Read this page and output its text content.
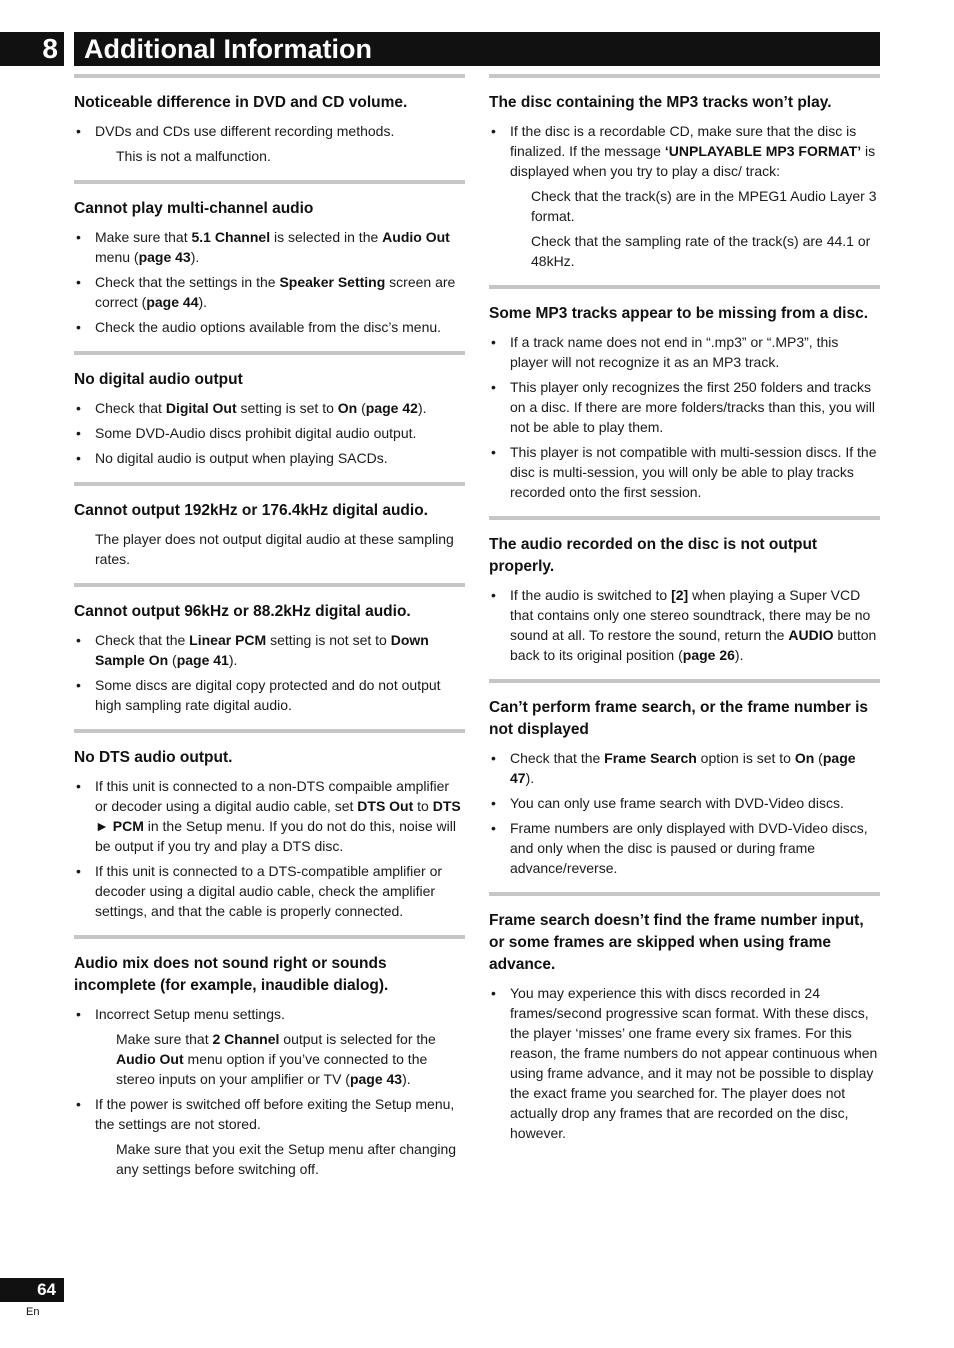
8 Additional Information
Noticeable difference in DVD and CD volume.
• DVDs and CDs use different recording methods.
This is not a malfunction.
Cannot play multi-channel audio
• Make sure that 5.1 Channel is selected in the Audio Out menu (page 43).
• Check that the settings in the Speaker Setting screen are correct (page 44).
• Check the audio options available from the disc’s menu.
No digital audio output
• Check that Digital Out setting is set to On (page 42).
• Some DVD-Audio discs prohibit digital audio output.
• No digital audio is output when playing SACDs.
Cannot output 192kHz or 176.4kHz digital audio.
The player does not output digital audio at these sampling rates.
Cannot output 96kHz or 88.2kHz digital audio.
• Check that the Linear PCM setting is not set to Down Sample On (page 41).
• Some discs are digital copy protected and do not output high sampling rate digital audio.
No DTS audio output.
• If this unit is connected to a non-DTS compaible amplifier or decoder using a digital audio cable, set DTS Out to DTS ► PCM in the Setup menu. If you do not do this, noise will be output if you try and play a DTS disc.
• If this unit is connected to a DTS-compatible amplifier or decoder using a digital audio cable, check the amplifier settings, and that the cable is properly connected.
Audio mix does not sound right or sounds incomplete (for example, inaudible dialog).
• Incorrect Setup menu settings.
Make sure that 2 Channel output is selected for the Audio Out menu option if you’ve connected to the stereo inputs on your amplifier or TV (page 43).
• If the power is switched off before exiting the Setup menu, the settings are not stored.
Make sure that you exit the Setup menu after changing any settings before switching off.
The disc containing the MP3 tracks won’t play.
• If the disc is a recordable CD, make sure that the disc is finalized. If the message ‘UNPLAYABLE MP3 FORMAT’ is displayed when you try to play a disc/ track:
Check that the track(s) are in the MPEG1 Audio Layer 3 format.
Check that the sampling rate of the track(s) are 44.1 or 48kHz.
Some MP3 tracks appear to be missing from a disc.
• If a track name does not end in “.mp3” or “.MP3”, this player will not recognize it as an MP3 track.
• This player only recognizes the first 250 folders and tracks on a disc. If there are more folders/tracks than this, you will not be able to play them.
• This player is not compatible with multi-session discs. If the disc is multi-session, you will only be able to play tracks recorded onto the first session.
The audio recorded on the disc is not output properly.
• If the audio is switched to [2] when playing a Super VCD that contains only one stereo soundtrack, there may be no sound at all. To restore the sound, return the AUDIO button back to its original position (page 26).
Can’t perform frame search, or the frame number is not displayed
• Check that the Frame Search option is set to On (page 47).
• You can only use frame search with DVD-Video discs.
• Frame numbers are only displayed with DVD-Video discs, and only when the disc is paused or during frame advance/reverse.
Frame search doesn’t find the frame number input, or some frames are skipped when using frame advance.
• You may experience this with discs recorded in 24 frames/second progressive scan format. With these discs, the player ‘misses’ one frame every six frames. For this reason, the frame numbers do not appear continuous when using frame advance, and it may not be possible to display the exact frame you searched for. The player does not actually drop any frames that are recorded on the disc, however.
64
En
